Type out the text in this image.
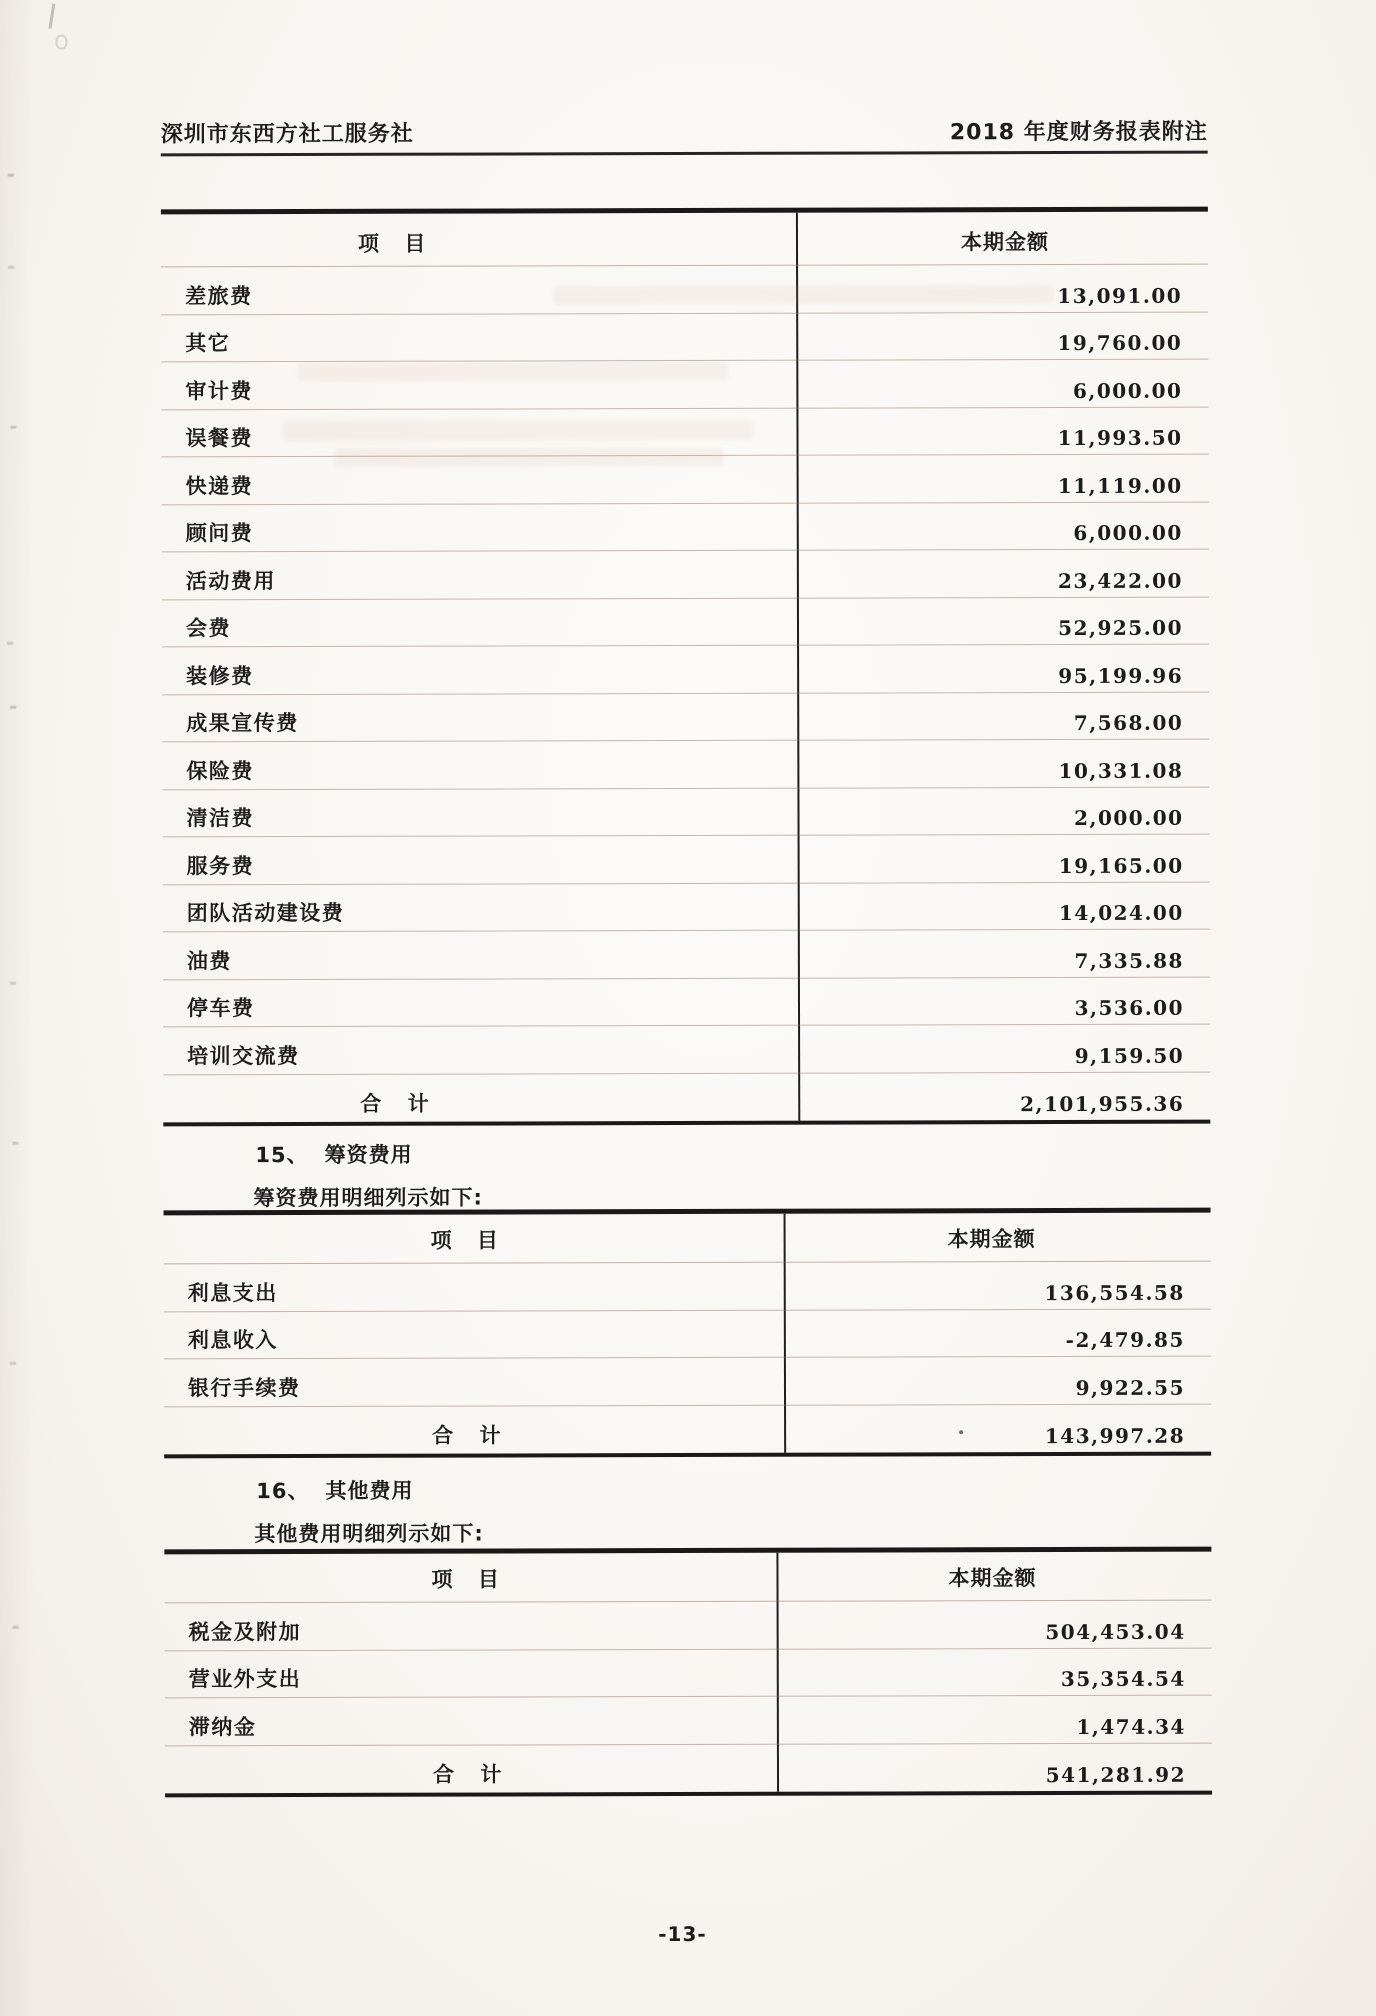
深圳市东西方社工服务社	2018 年度财务报表附注
项 目	本期金额
差旅费	13,091.00
其它	19,760.00
审计费	6,000.00
误餐费	11,993.50
快递费	11,119.00
顾问费	6,000.00
活动费用	23,422.00
会费	52,925.00
装修费	95,199.96
成果宣传费	7,568.00
保险费	10,331.08
清洁费	2,000.00
服务费	19,165.00
团队活动建设费	14,024.00
油费	7,335.88
停车费	3,536.00
培训交流费	9,159.50
合 计	2,101,955.36
15、 筹资费用
筹资费用明细列示如下:
项 目	本期金额
利息支出	136,554.58
利息收入	-2,479.85
银行手续费	9,922.55
合 计	143,997.28
16、 其他费用
其他费用明细列示如下:
项 目	本期金额
税金及附加	504,453.04
营业外支出	35,354.54
滞纳金	1,474.34
合 计	541,281.92
-13-
